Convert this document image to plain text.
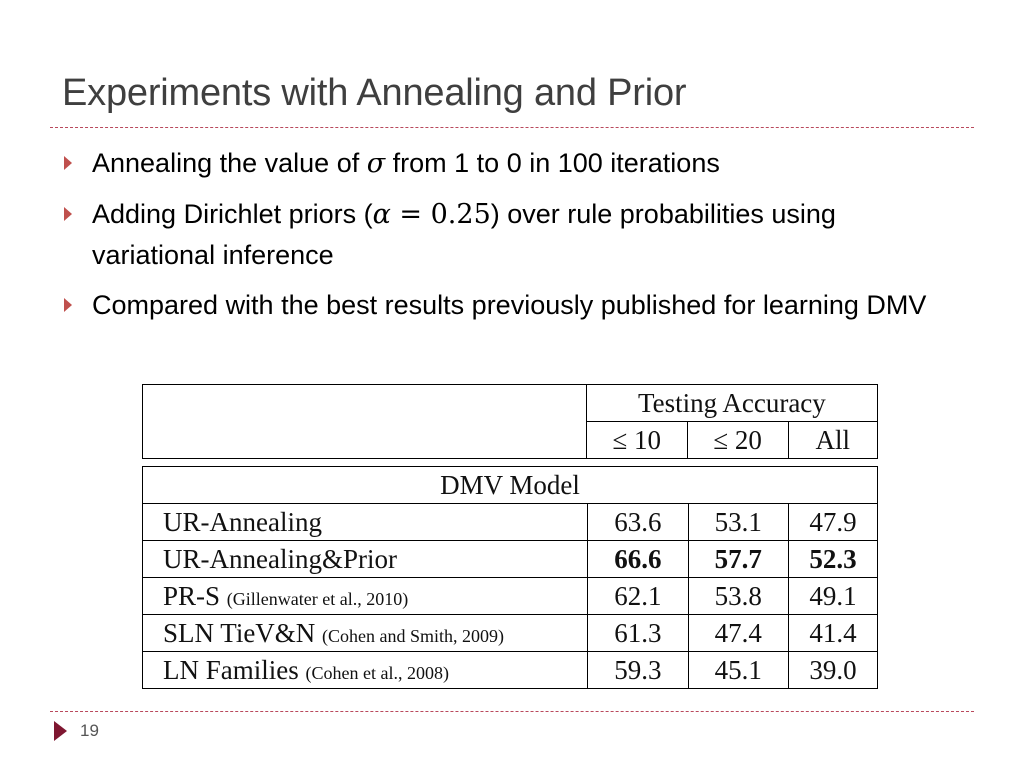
Experiments with Annealing and Prior
Annealing the value of σ from 1 to 0 in 100 iterations
Adding Dirichlet priors (α = 0.25) over rule probabilities using variational inference
Compared with the best results previously published for learning DMV
	Testing Accuracy		
	≤ 10	≤ 20	All
DMV Model			
UR-Annealing	63.6	53.1	47.9
UR-Annealing&Prior	66.6	57.7	52.3
PR-S (Gillenwater et al., 2010)	62.1	53.8	49.1
SLN TieV&N (Cohen and Smith, 2009)	61.3	47.4	41.4
LN Families (Cohen et al., 2008)	59.3	45.1	39.0
19
